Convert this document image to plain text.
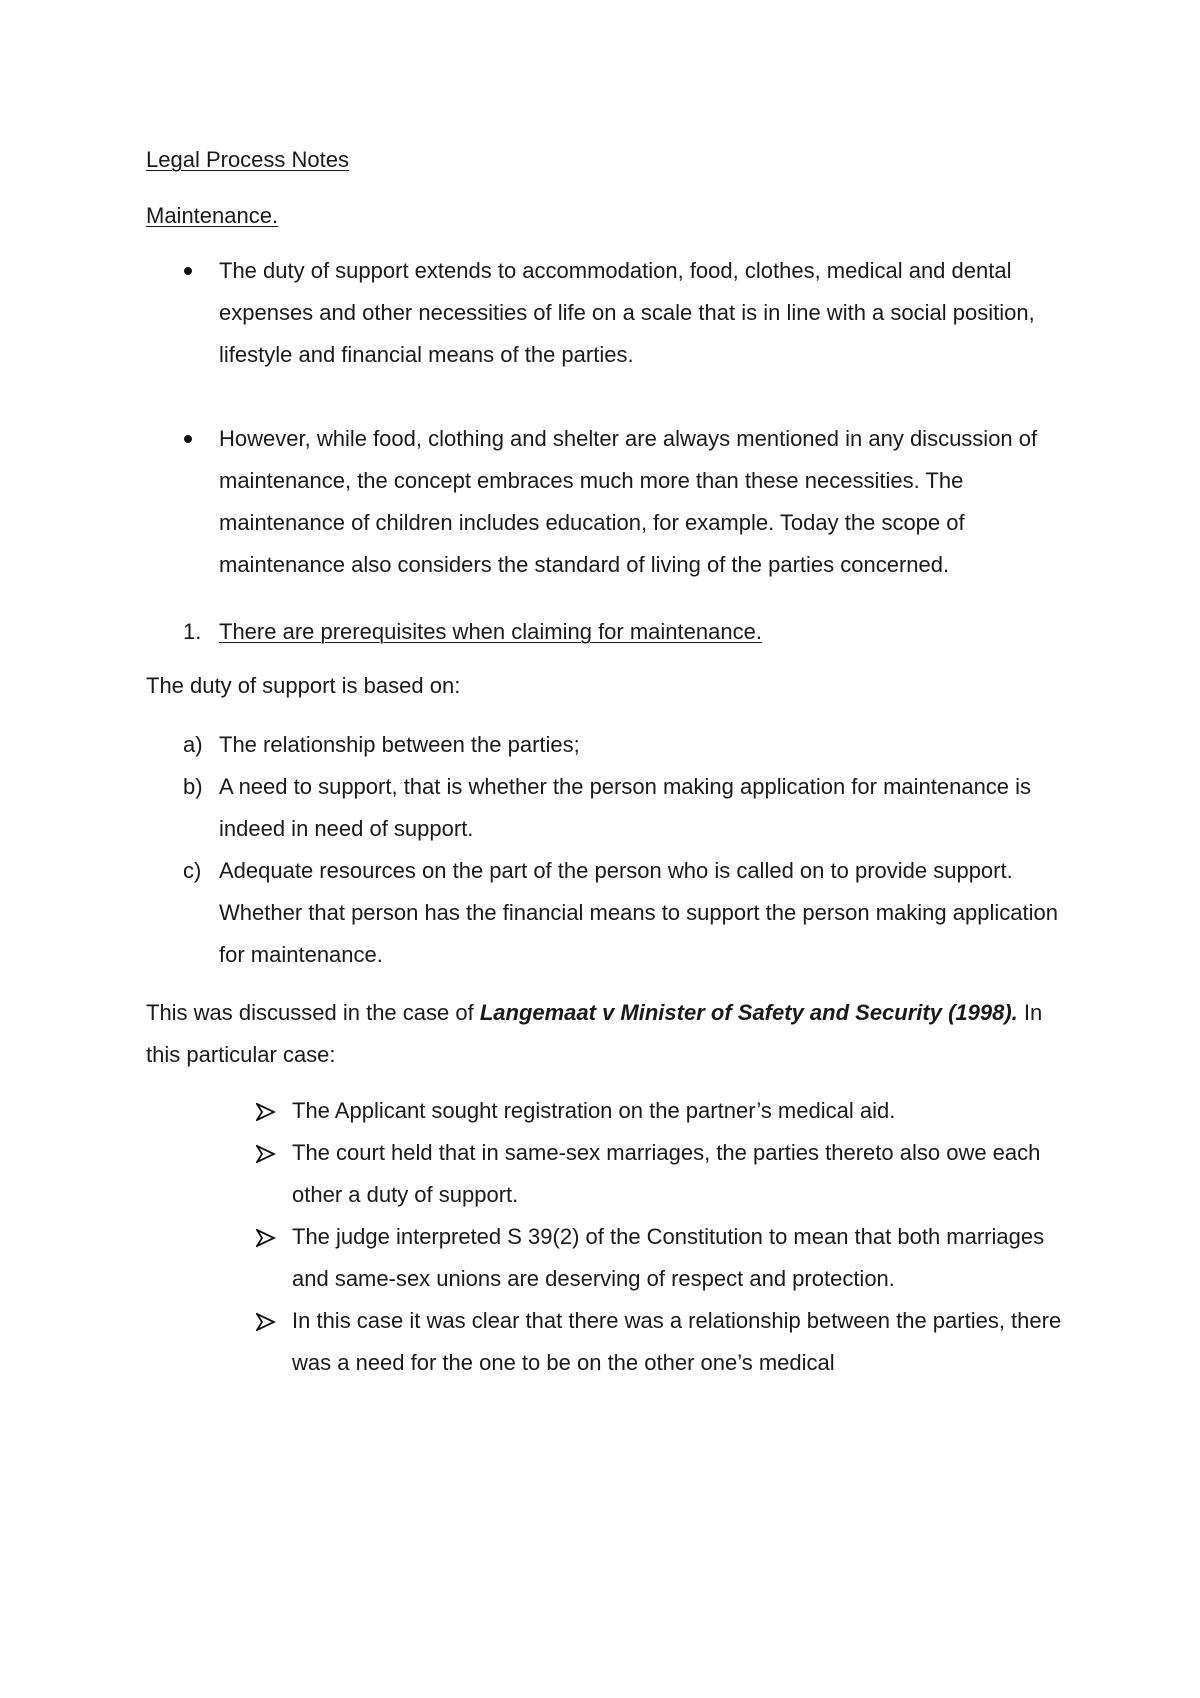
Legal Process Notes
Maintenance.
The duty of support extends to accommodation, food, clothes, medical and dental expenses and other necessities of life on a scale that is in line with a social position, lifestyle and financial means of the parties.
However, while food, clothing and shelter are always mentioned in any discussion of maintenance, the concept embraces much more than these necessities. The maintenance of children includes education, for example. Today the scope of maintenance also considers the standard of living of the parties concerned.
1. There are prerequisites when claiming for maintenance.

The duty of support is based on:

a) The relationship between the parties;
b) A need to support, that is whether the person making application for maintenance is indeed in need of support.
c) Adequate resources on the part of the person who is called on to provide support. Whether that person has the financial means to support the person making application for maintenance.

This was discussed in the case of Langemaat v Minister of Safety and Security (1998). In this particular case:

The Applicant sought registration on the partner’s medical aid.
The court held that in same-sex marriages, the parties thereto also owe each other a duty of support.
The judge interpreted S 39(2) of the Constitution to mean that both marriages and same-sex unions are deserving of respect and protection.
In this case it was clear that there was a relationship between the parties, there was a need for the one to be on the other one’s medical
